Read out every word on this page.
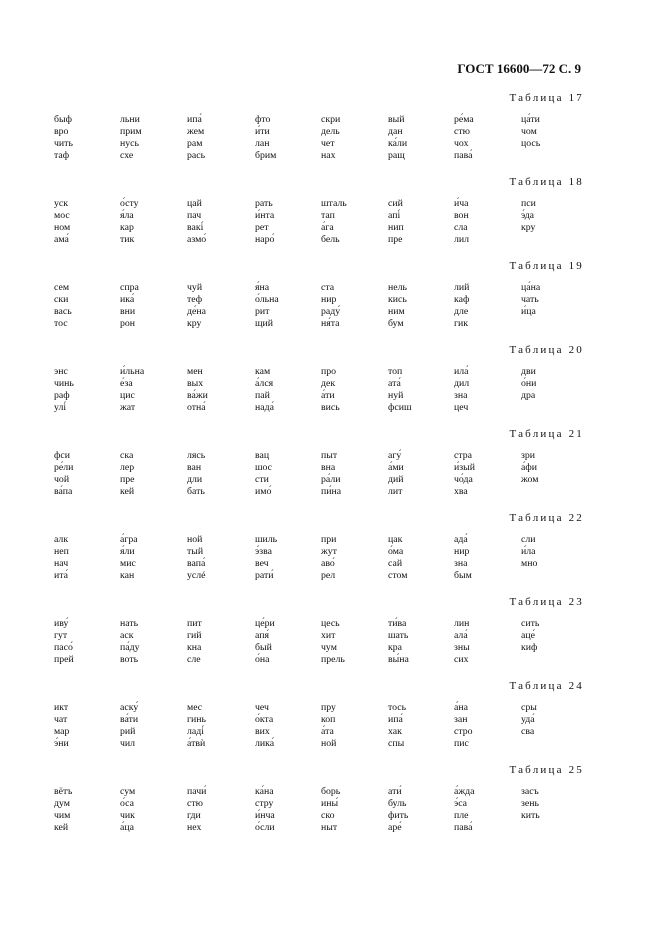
ГОСТ 16600—72 С. 9
Таблица 17
быф
вро
чить
таф
льни
прим
нусь
схе
ипа́
жем
рам
рась
фто
и́ти
лан
брим
скри
дель
чет
нах
вый
дан
ка́ли
ращ
ре́ма
стю
чох
пава́
ца́ти
чом
цось
Таблица 18
уск
мос
ном
ама́
о́сту
я́ла
кар
тик
цай
пач
вакі́
азмо́
рать
и́нта
рет
наро́
шталь
тап
а́га
бель
сий
апі́
нип
пре
и́ча
вон
сла
лил
пси
э́да
кру
Таблица 19
сем
ски
вась
тос
спра
ика́
вни
рон
чуй
теф
де́на
кру
я́на
о́льна
рит
щий
ста
нир
раду́
ня́та
нель
кись
ним
бум
лий
каф
дле
гик
ца́на
чать
и́ца
Таблица 20
энс
чинь
раф
улі́
и́льна
е́за
цис
жат
мен
вых
ва́жи
отна́
кам
а́лся
пай
нада́
про
дек
а́ти
вись
топ
ата́
нуй
фсиш
ила́
дил
зна
цеч
дви
о́ни
дра
Таблица 21
фси
ре́ли
чой
ва́па
ска
лер
пре
кей
лясь
ван
дли
бать
вац
шос
сти
имо́
пыт
вна
ра́ли
пи́на
агу́
а́ми
дий
лит
стра
и́зый
чо́да
хва
зри
а́фи
жом
Таблица 22
алк
неп
нач
ита́
а́гра
я́ли
мис
кан
ной
тый
вапа́
услé
шиль
э́зва
веч
рати́
при
жут
аво́
рел
цак
о́ма
сай
стом
ада́
нир
зна
бым
сли
и́ла
мно
Таблица 23
иву́
гут
пасо́
прей
нать
аск
па́ду
воть
пит
гий
кна
сле
це́ри
апя́
бый
о́на
цесь
хит
чум
прель
ти́ва
шать
кра
вы́на
лин
ала́
зны
сих
сить
аце́
киф
Таблица 24
икт
чат
мар
э́ни
аску́
ва́ти
рий
чил
мес
гинь
ладі́
а́твѝ
чеч
о́кта
вих
лика́
пру
коп
а́та
ной
тось
ипа́
хак
спы
а́на
зан
стро
пис
сры
уда́
сва
Таблица 25
вётъ
дум
чим
кей
сум
о́са
чик
а́ца
пачи́
стю
гди
нех
ка́на
стру
и́нча
о́сли
борь
ины́
ско
ныт
ати́
буль
фить
аре́
а́жда
э́са
пле
пава́
засъ
зень
кить
